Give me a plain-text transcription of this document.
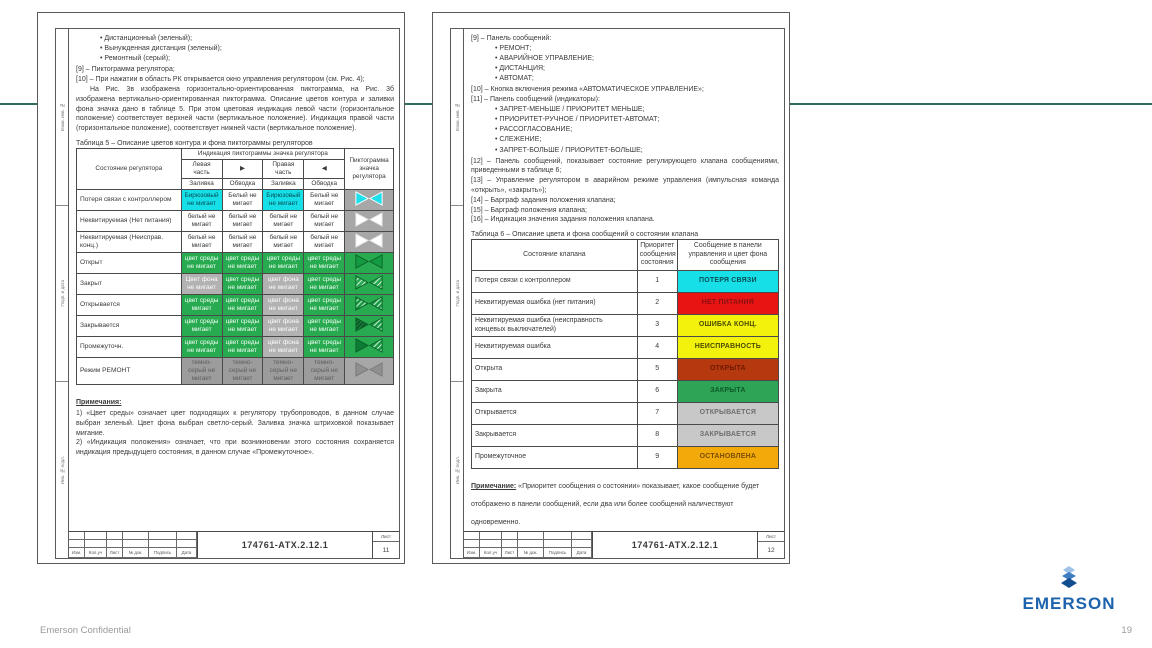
Взам. инв. №
Подп. и дата
Инв. № подл.
• Дистанционный (зеленый);
• Вынужденная дистанция (зеленый);
• Ремонтный (серый);
[9] – Пиктограмма регулятора;
[10] – При нажатии в область РК открывается окно управления регулятором (см. Рис. 4);
На Рис. 3в изображена горизонтально-ориентированная пиктограмма, на Рис. 3б изображена вертикально-ориентированная пиктограмма. Описание цветов контура и заливки фона значка дано в таблице 5. При этом цветовая индикация левой части (горизонтальное положение) соответствует верхней части (вертикальное положение). Индикация правой части (горизонтальное положение), соответствует нижней части (вертикальное положение).
Таблица 5 – Описание цветов контура и фона пиктограммы регуляторов
Состояние регулятора	Индикация пиктограммы значка регулятора				Пиктограмма значка регулятора
	Левая часть	▶	Правая часть	◀	
	Заливка	Обводка	Заливка	Обводка	
Потеря связи с контроллером	Бирюзовый не мигает	Белый не мигает	Бирюзовый не мигает	Белый не мигает	
Неквитируемая (Нет питания)	белый не мигает	белый не мигает	белый не мигает	белый не мигает	
Неквитируемая (Неисправ. конц.)	белый не мигает	белый не мигает	белый не мигает	белый не мигает	
Открыт	цвет среды не мигает	цвет среды не мигает	цвет среды не мигает	цвет среды не мигает	
Закрыт	Цвет фона не мигает	цвет среды не мигает	цвет фона не мигает	цвет среды не мигает	
Открывается	цвет среды мигает	цвет среды не мигает	цвет фона не мигает	цвет среды не мигает	
Закрывается	цвет среды мигает	цвет среды не мигает	цвет фона не мигает	цвет среды не мигает	
Промежуточн.	цвет среды не мигает	цвет среды не мигает	цвет фона не мигает	цвет среды не мигает	
Режим РЕМОНТ	темно-серый не мигает	темно-серый не мигает	темно-серый не мигает	темно-серый не мигает	
Примечания:
1) «Цвет среды» означает цвет подходящих к регулятору трубопроводов, в данном случае выбран зеленый. Цвет фона выбран светло-серый. Заливка значка штриховкой показывает мигание.
2) «Индикация положения» означает, что при возникновении этого состояния сохраняется индикация предыдущего состояния, в данном случае «Промежуточное».
Изм.	Кол.уч	Лист	№ док.	Подпись	Дата
174761-АТХ.2.12.1
Лист
11
Взам. инв. №
Подп. и дата
Инв. № подл.
[9] – Панель сообщений:
• РЕМОНТ;
• АВАРИЙНОЕ УПРАВЛЕНИЕ;
• ДИСТАНЦИЯ;
• АВТОМАТ;
[10] – Кнопка включения режима «АВТОМАТИЧЕСКОЕ УПРАВЛЕНИЕ»;
[11] – Панель сообщений (индикаторы):
• ЗАПРЕТ-МЕНЬШЕ / ПРИОРИТЕТ МЕНЬШЕ;
• ПРИОРИТЕТ-РУЧНОЕ / ПРИОРИТЕТ-АВТОМАТ;
• РАССОГЛАСОВАНИЕ;
• СЛЕЖЕНИЕ;
• ЗАПРЕТ-БОЛЬШЕ / ПРИОРИТЕТ-БОЛЬШЕ;
[12] – Панель сообщений, показывает состояние регулирующего клапана сообщениями, приведенными в таблице 6;
[13] – Управление регулятором в аварийном режиме управления (импульсная команда «открыть», «закрыть»);
[14] – Барграф задания положения клапана;
[15] – Барграф положения клапана;
[16] – Индикация значения задания положения клапана.
Таблица 6 – Описание цвета и фона сообщений о состоянии клапана
Состояние клапана	Приоритет сообщения состояния	Сообщение в панели управления и цвет фона сообщения
Потеря связи с контроллером	1	ПОТЕРЯ СВЯЗИ
Неквитируемая ошибка (нет питания)	2	НЕТ ПИТАНИЯ
Неквитируемая ошибка (неисправность концевых выключателей)	3	ОШИБКА КОНЦ.
Неквитируемая ошибка	4	НЕИСПРАВНОСТЬ
Открыта	5	ОТКРЫТА
Закрыта	6	ЗАКРЫТА
Открывается	7	ОТКРЫВАЕТСЯ
Закрывается	8	ЗАКРЫВАЕТСЯ
Промежуточное	9	ОСТАНОВЛЕНА
Примечание: «Приоритет сообщения о состоянии» показывает, какое сообщение будет отображено в панели сообщений, если два или более сообщений наличествуют одновременно.
Изм.	Кол.уч	Лист	№ док.	Подпись	Дата
174761-АТХ.2.12.1
Лист
12
EMERSON
Emerson Confidential	19
